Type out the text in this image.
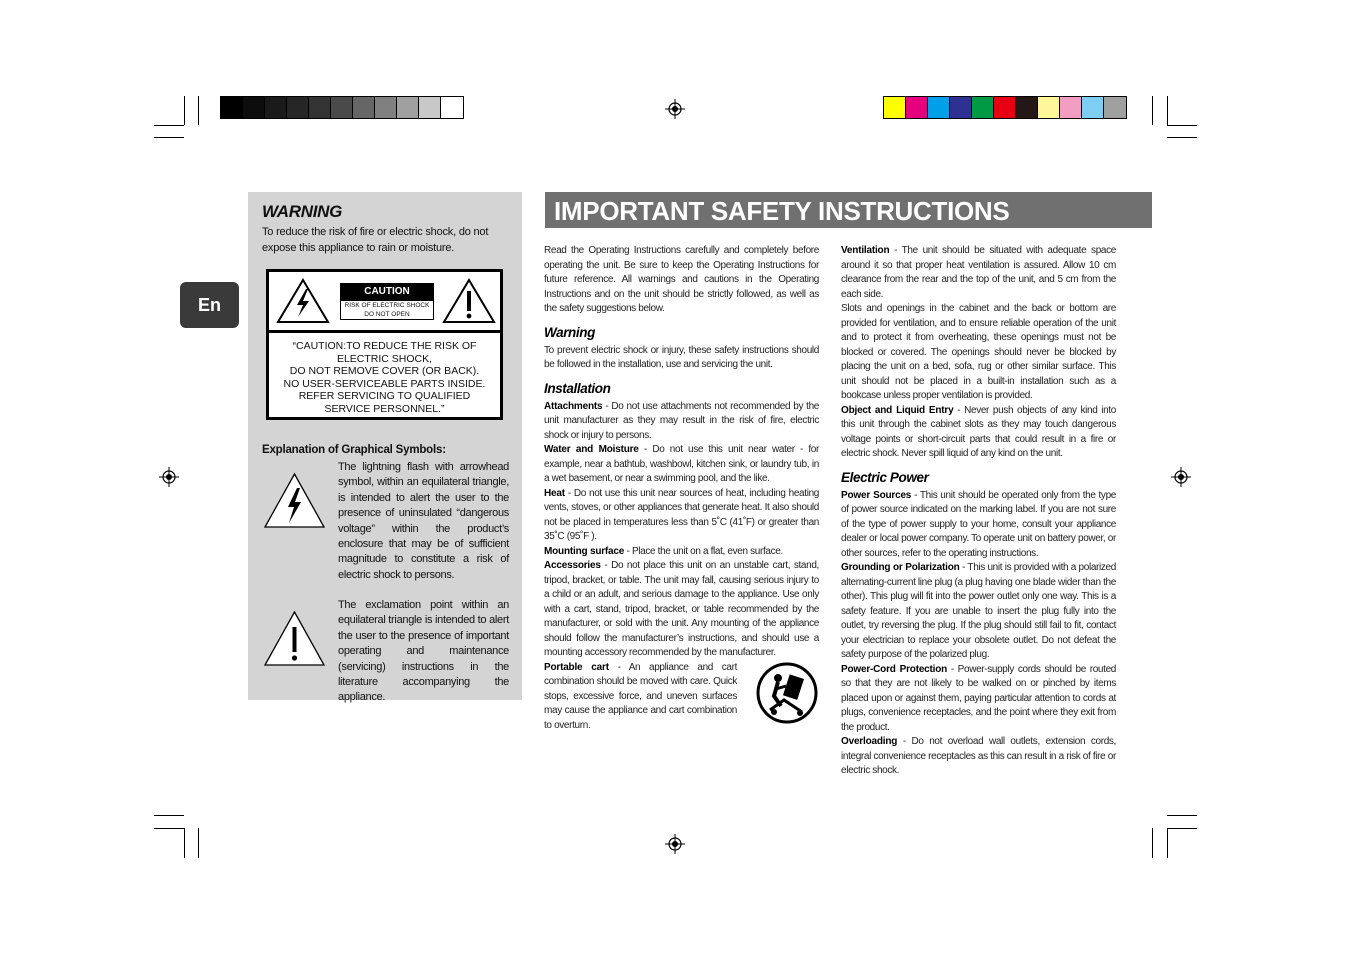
En
WARNING
To reduce the risk of fire or electric shock, do not expose this appliance to rain or moisture.
CAUTION
RISK OF ELECTRIC SHOCK
DO NOT OPEN
“CAUTION:TO REDUCE THE RISK OF
ELECTRIC SHOCK,
DO NOT REMOVE COVER (OR BACK).
NO USER-SERVICEABLE PARTS INSIDE.
REFER SERVICING TO QUALIFIED
SERVICE PERSONNEL.”
Explanation of Graphical Symbols:
The lightning flash with arrowhead symbol, within an equilateral triangle, is intended to alert the user to the presence of uninsulated “dangerous voltage” within the product’s enclosure that may be of sufficient magnitude to constitute a risk of electric shock to persons.
The exclamation point within an equilateral triangle is intended to alert the user to the presence of important operating and maintenance (servicing) instructions in the literature accompanying the appliance.
IMPORTANT SAFETY INSTRUCTIONS

Read the Operating Instructions carefully and completely before operating the unit. Be sure to keep the Operating Instructions for future reference. All warnings and cautions in the Operating Instructions and on the unit should be strictly followed, as well as the safety suggestions below.

Warning

To prevent electric shock or injury, these safety instructions should be followed in the installation, use and servicing the unit.

Installation

Attachments - Do not use attachments not recommended by the unit manufacturer as they may result in the risk of fire, electric shock or injury to persons.

Water and Moisture - Do not use this unit near water - for example, near a bathtub, washbowl, kitchen sink, or laundry tub, in a wet basement, or near a swimming pool, and the like.

Heat - Do not use this unit near sources of heat, including heating vents, stoves, or other appliances that generate heat. It also should not be placed in temperatures less than 5˚C (41˚F) or greater than 35˚C (95˚F ).

Mounting surface - Place the unit on a flat, even surface.

Accessories - Do not place this unit on an unstable cart, stand, tripod, bracket, or table. The unit may fall, causing serious injury to a child or an adult, and serious damage to the appliance. Use only with a cart, stand, tripod, bracket, or table recommended by the manufacturer, or sold with the unit. Any mounting of the appliance should follow the manufacturer’s instructions, and should use a mounting accessory recommended by the manufacturer.

Portable cart - An appliance and cart combination should be moved with care. Quick stops, excessive force, and uneven surfaces may cause the appliance and cart combination to overturn.

Ventilation - The unit should be situated with adequate space around it so that proper heat ventilation is assured. Allow 10 cm clearance from the rear and the top of the unit, and 5 cm from the each side.

Slots and openings in the cabinet and the back or bottom are provided for ventilation, and to ensure reliable operation of the unit and to protect it from overheating, these openings must not be blocked or covered. The openings should never be blocked by placing the unit on a bed, sofa, rug or other similar surface. This unit should not be placed in a built-in installation such as a bookcase unless proper ventilation is provided.

Object and Liquid Entry - Never push objects of any kind into this unit through the cabinet slots as they may touch dangerous voltage points or short-circuit parts that could result in a fire or electric shock. Never spill liquid of any kind on the unit.

Electric Power

Power Sources - This unit should be operated only from the type of power source indicated on the marking label. If you are not sure of the type of power supply to your home, consult your appliance dealer or local power company. To operate unit on battery power, or other sources, refer to the operating instructions.

Grounding or Polarization - This unit is provided with a polarized alternating-current line plug (a plug having one blade wider than the other). This plug will fit into the power outlet only one way. This is a safety feature. If you are unable to insert the plug fully into the outlet, try reversing the plug. If the plug should still fail to fit, contact your electrician to replace your obsolete outlet. Do not defeat the safety purpose of the polarized plug.

Power-Cord Protection - Power-supply cords should be routed so that they are not likely to be walked on or pinched by items placed upon or against them, paying particular attention to cords at plugs, convenience receptacles, and the point where they exit from the product.

Overloading - Do not overload wall outlets, extension cords, integral convenience receptacles as this can result in a risk of fire or electric shock.
